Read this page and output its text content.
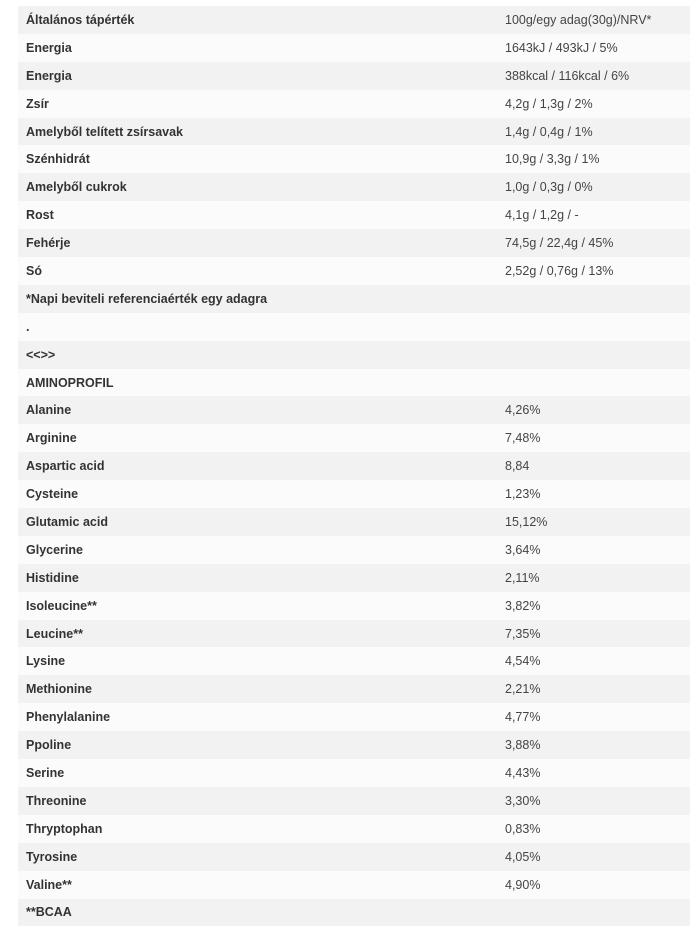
Általános tápérték	100g/egy adag(30g)/NRV*
Energia	1643kJ / 493kJ / 5%
Energia	388kcal / 116kcal / 6%
Zsír	4,2g / 1,3g / 2%
Amelyből telített zsírsavak	1,4g / 0,4g / 1%
Szénhidrát	10,9g / 3,3g / 1%
Amelyből cukrok	1,0g / 0,3g / 0%
Rost	4,1g / 1,2g / -
Fehérje	74,5g / 22,4g / 45%
Só	2,52g / 0,76g / 13%
*Napi beviteli referenciaérték egy adagra
.
<<>>
AMINOPROFIL
Alanine	4,26%
Arginine	7,48%
Aspartic acid	8,84
Cysteine	1,23%
Glutamic acid	15,12%
Glycerine	3,64%
Histidine	2,11%
Isoleucine**	3,82%
Leucine**	7,35%
Lysine	4,54%
Methionine	2,21%
Phenylalanine	4,77%
Ppoline	3,88%
Serine	4,43%
Threonine	3,30%
Thryptophan	0,83%
Tyrosine	4,05%
Valine**	4,90%
**BCAA
